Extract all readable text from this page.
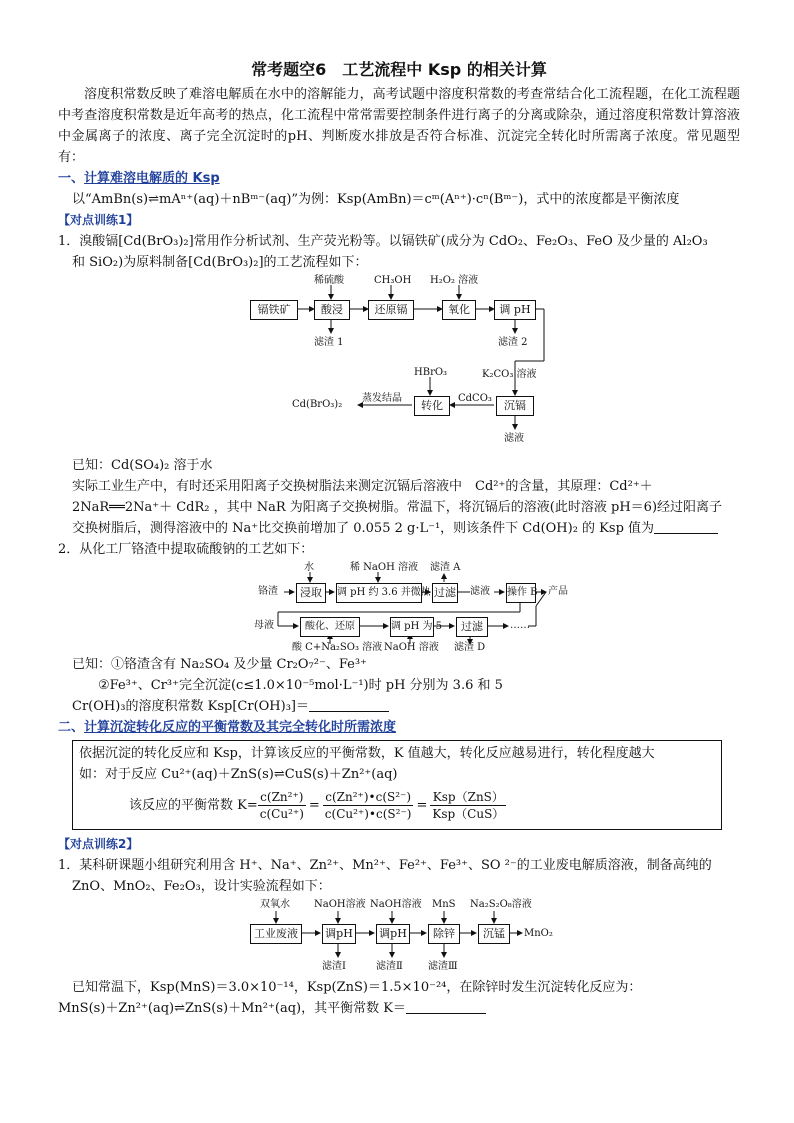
常考题空6　工艺流程中 Ksp 的相关计算
溶度积常数反映了难溶电解质在水中的溶解能力，高考试题中溶度积常数的考查常结合化工流程题，在化工流程题中考查溶度积常数是近年高考的热点，化工流程中常常需要控制条件进行离子的分离或除杂，通过溶度积常数计算溶液中金属离子的浓度、离子完全沉淀时的pH、判断废水排放是否符合标准、沉淀完全转化时所需离子浓度。常见题型有：
一、计算难溶电解质的 Ksp
以“AmBn(s)⇌mAⁿ⁺(aq)＋nBᵐ⁻(aq)”为例：Ksp(AmBn)＝cᵐ(Aⁿ⁺)·cⁿ(Bᵐ⁻)，式中的浓度都是平衡浓度
【对点训练1】
1．溴酸镉[Cd(BrO₃)₂]常用作分析试剂、生产荧光粉等。以镉铁矿(成分为 CdO₂、Fe₂O₃、FeO 及少量的 Al₂O₃
和 SiO₂)为原料制备[Cd(BrO₃)₂]的工艺流程如下：
镉铁矿	酸浸	还原镉	氧化	调 pH
沉镉
转化
稀硫酸	CH₃OH H₂O₂ 溶液
K₂CO₃ 溶液
HBrO₃
滤渣 1	滤渣 2
滤液
CdCO₃
蒸发结晶
Cd(BrO₃)₂
已知：Cd(SO₄)₂ 溶于水
实际工业生产中，有时还采用阳离子交换树脂法来测定沉镉后溶液中　Cd²⁺的含量，其原理：Cd²⁺＋
2NaR══2Na⁺＋ CdR₂ ，其中 NaR 为阳离子交换树脂。常温下，将沉镉后的溶液(此时溶液 pH＝6)经过阳离子
交换树脂后，测得溶液中的 Na⁺比交换前增加了 0.055 2 g·L⁻¹，则该条件下 Cd(OH)₂ 的 Ksp 值为
2．从化工厂铬渣中提取硫酸钠的工艺如下：
水	稀 NaOH 溶液 滤渣 A
铬渣	浸取	调 pH 约 3.6 并微热 过滤 滤液 操作 B 产品
母液	酸化、还原	调 pH 为 5	过滤	……
酸 C+Na₂SO₃ 溶液 NaOH 溶液 滤渣 D
已知：①铬渣含有 Na₂SO₄ 及少量 Cr₂O₇²⁻、Fe³⁺
②Fe³⁺、Cr³⁺完全沉淀(c≤1.0×10⁻⁵mol·L⁻¹)时 pH 分别为 3.6 和 5
Cr(OH)₃的溶度积常数 Ksp[Cr(OH)₃]＝
二、计算沉淀转化反应的平衡常数及其完全转化时所需浓度
依据沉淀的转化反应和 Ksp，计算该反应的平衡常数，K 值越大，转化反应越易进行，转化程度越大
如：对于反应 Cu²⁺(aq)＋ZnS(s)⇌CuS(s)＋Zn²⁺(aq)
该反应的平衡常数 $K= \frac{\text{c(Zn²⁺)}}{\text{c(Cu²⁺)}} = \frac{\text{c(Zn²⁺)•c(S²⁻)}}{\text{c(Cu²⁺)•c(S²⁻)}} = \frac{\text{Ksp（ZnS）}}{\text{Ksp（CuS）}}$
【对点训练2】
1．某科研课题小组研究利用含 H⁺、Na⁺、Zn²⁺、Mn²⁺、Fe²⁺、Fe³⁺、SO ²⁻的工业废电解质溶液，制备高纯的
ZnO、MnO₂、Fe₂O₃，设计实验流程如下：
双氧水 NaOH溶液 NaOH溶液 MnS Na₂S₂O₈溶液
工业废液	调pH 调pH	除锌	沉锰	MnO₂
滤渣Ⅰ	滤渣Ⅱ	滤渣Ⅲ
已知常温下，Ksp(MnS)＝3.0×10⁻¹⁴，Ksp(ZnS)＝1.5×10⁻²⁴，在除锌时发生沉淀转化反应为：
MnS(s)＋Zn²⁺(aq)⇌ZnS(s)＋Mn²⁺(aq)，其平衡常数 K＝
